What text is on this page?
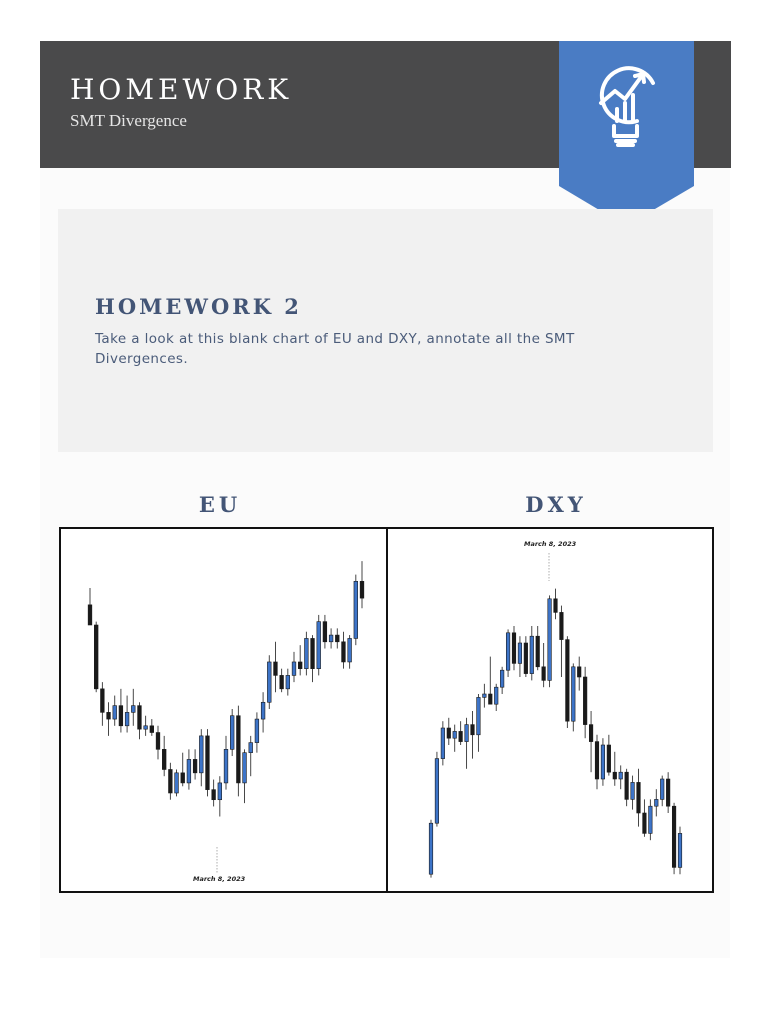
HOMEWORK
SMT Divergence
HOMEWORK 2
Take a look at this blank chart of EU and DXY, annotate all the SMT Divergences.
EU	DXY
March 8, 2023
March 8, 2023
